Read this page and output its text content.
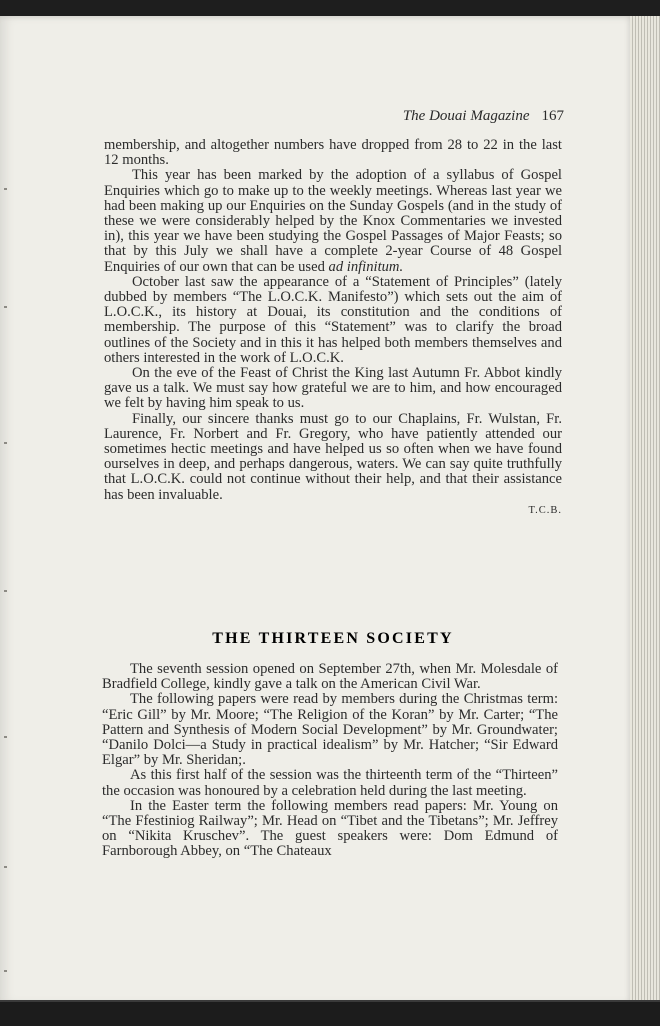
The Douai Magazine 167

membership, and altogether numbers have dropped from 28 to 22 in the last 12 months.

This year has been marked by the adoption of a syllabus of Gospel Enquiries which go to make up to the weekly meetings. Whereas last year we had been making up our Enquiries on the Sunday Gospels (and in the study of these we were considerably helped by the Knox Commentaries we invested in), this year we have been studying the Gospel Passages of Major Feasts; so that by this July we shall have a complete 2-year Course of 48 Gospel Enquiries of our own that can be used ad infinitum.

October last saw the appearance of a “Statement of Principles” (lately dubbed by members “The L.O.C.K. Manifesto”) which sets out the aim of L.O.C.K., its history at Douai, its constitution and the conditions of membership. The purpose of this “Statement” was to clarify the broad outlines of the Society and in this it has helped both members themselves and others interested in the work of L.O.C.K.

On the eve of the Feast of Christ the King last Autumn Fr. Abbot kindly gave us a talk. We must say how grateful we are to him, and how encouraged we felt by having him speak to us.

Finally, our sincere thanks must go to our Chaplains, Fr. Wulstan, Fr. Laurence, Fr. Norbert and Fr. Gregory, who have patiently attended our sometimes hectic meetings and have helped us so often when we have found ourselves in deep, and perhaps dangerous, waters. We can say quite truthfully that L.O.C.K. could not continue without their help, and that their assistance has been invaluable.

T.C.B.

THE THIRTEEN SOCIETY

The seventh session opened on September 27th, when Mr. Molesdale of Bradfield College, kindly gave a talk on the American Civil War.

The following papers were read by members during the Christmas term: “Eric Gill” by Mr. Moore; “The Religion of the Koran” by Mr. Carter; “The Pattern and Synthesis of Modern Social Development” by Mr. Groundwater; “Danilo Dolci—a Study in practical idealism” by Mr. Hatcher; “Sir Edward Elgar” by Mr. Sheridan;.

As this first half of the session was the thirteenth term of the “Thirteen” the occasion was honoured by a celebration held during the last meeting.

In the Easter term the following members read papers: Mr. Young on “The Ffestiniog Railway”; Mr. Head on “Tibet and the Tibetans”; Mr. Jeffrey on “Nikita Kruschev”. The guest speakers were: Dom Edmund of Farnborough Abbey, on “The Chateaux
